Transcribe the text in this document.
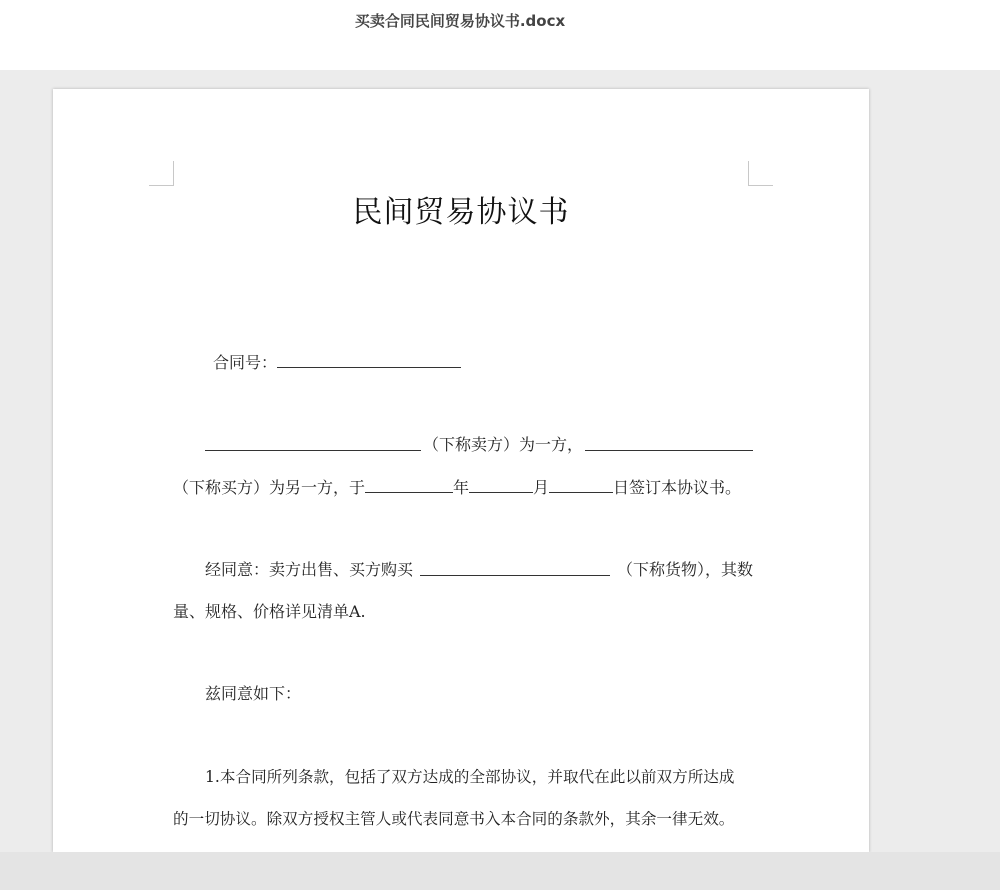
买卖合同民间贸易协议书.docx
民间贸易协议书
合同号：
（下称卖方）为一方，
（下称买方）为另一方，于	年	月	日签订本协议书。
经同意：卖方出售、买方购买	（下称货物），其数
量、规格、价格详见清单A.
兹同意如下：
1.本合同所列条款，包括了双方达成的全部协议，并取代在此以前双方所达成
的一切协议。除双方授权主管人或代表同意书入本合同的条款外，其余一律无效。
